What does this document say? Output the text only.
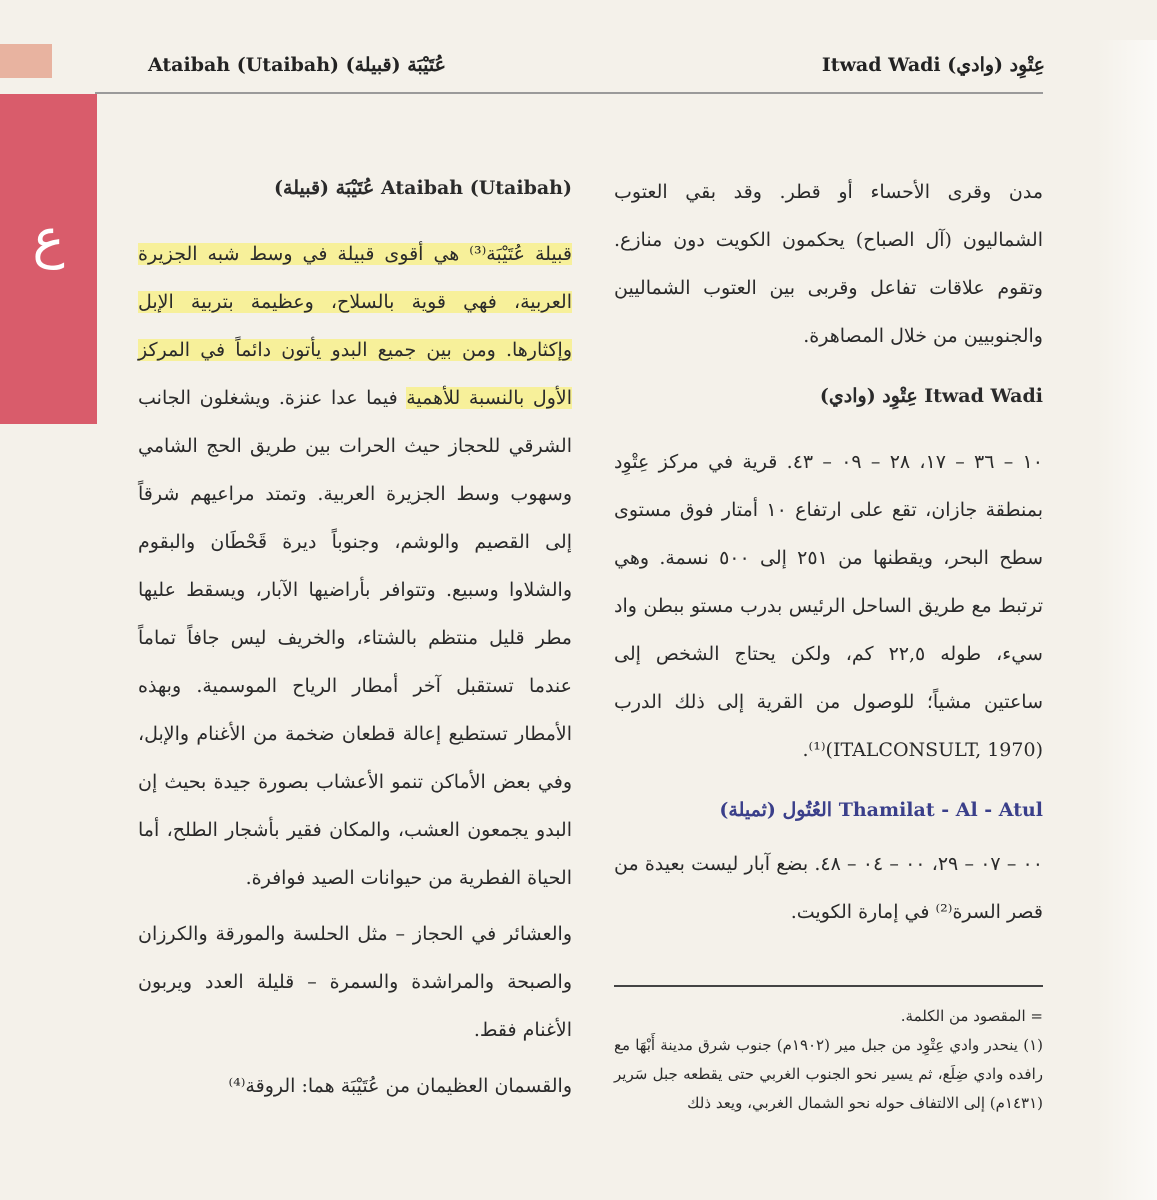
ع
Ataibah (Utaibah) عُتَيْبَة (قبيلة)	Itwad Wadi عِتْوِد (وادي)

مدن وقرى الأحساء أو قطر. وقد بقي العتوب الشماليون (آل الصباح) يحكمون الكويت دون منازع. وتقوم علاقات تفاعل وقربى بين العتوب الشماليين والجنوبيين من خلال المصاهرة.

Itwad Wadi عِتْوِد (وادي)

١٠ – ٣٦ – ١٧، ٢٨ – ٠٩ – ٤٣. قرية في مركز عِتْوِد بمنطقة جازان، تقع على ارتفاع ١٠ أمتار فوق مستوى سطح البحر، ويقطنها من ٢٥١ إلى ٥٠٠ نسمة. وهي ترتبط مع طريق الساحل الرئيس بدرب مستو ببطن واد سيء، طوله ٢٢,٥ كم، ولكن يحتاج الشخص إلى ساعتين مشياً؛ للوصول من القرية إلى ذلك الدرب (ITALCONSULT, 1970)⁽¹⁾.

Thamilat - Al - Atul العُتُول (ثميلة)

٠٠ – ٠٧ – ٢٩، ٠٠ – ٠٤ – ٤٨. بضع آبار ليست بعيدة من قصر السرة⁽²⁾ في إمارة الكويت.

Ataibah (Utaibah) عُتَيْبَة (قبيلة)

قبيلة عُتَيْبَة⁽³⁾ هي أقوى قبيلة في وسط شبه الجزيرة العربية، فهي قوية بالسلاح، وعظيمة بتربية الإبل وإكثارها. ومن بين جميع البدو يأتون دائماً في المركز الأول بالنسبة للأهمية فيما عدا عنزة. ويشغلون الجانب الشرقي للحجاز حيث الحرات بين طريق الحج الشامي وسهوب وسط الجزيرة العربية. وتمتد مراعيهم شرقاً إلى القصيم والوشم، وجنوباً ديرة قَحْطَان والبقوم والشلاوا وسبيع. وتتوافر بأراضيها الآبار، ويسقط عليها مطر قليل منتظم بالشتاء، والخريف ليس جافاً تماماً عندما تستقبل آخر أمطار الرياح الموسمية. وبهذه الأمطار تستطيع إعالة قطعان ضخمة من الأغنام والإبل، وفي بعض الأماكن تنمو الأعشاب بصورة جيدة بحيث إن البدو يجمعون العشب، والمكان فقير بأشجار الطلح، أما الحياة الفطرية من حيوانات الصيد فوافرة.

والعشائر في الحجاز – مثل الحلسة والمورقة والكرزان والصبحة والمراشدة والسمرة – قليلة العدد ويربون الأغنام فقط.

والقسمان العظيمان من عُتَيْبَة هما: الروقة⁽⁴⁾

= المقصود من الكلمة.

(١) ينحدر وادي عِتْوِد من جبل مير (١٩٠٢م) جنوب شرق مدينة أَبْهَا مع رافده وادي ضِلَع، ثم يسير نحو الجنوب الغربي حتى يقطعه جبل سَرير (١٤٣١م) إلى الالتفاف حوله نحو الشمال الغربي، ويعد ذلك
